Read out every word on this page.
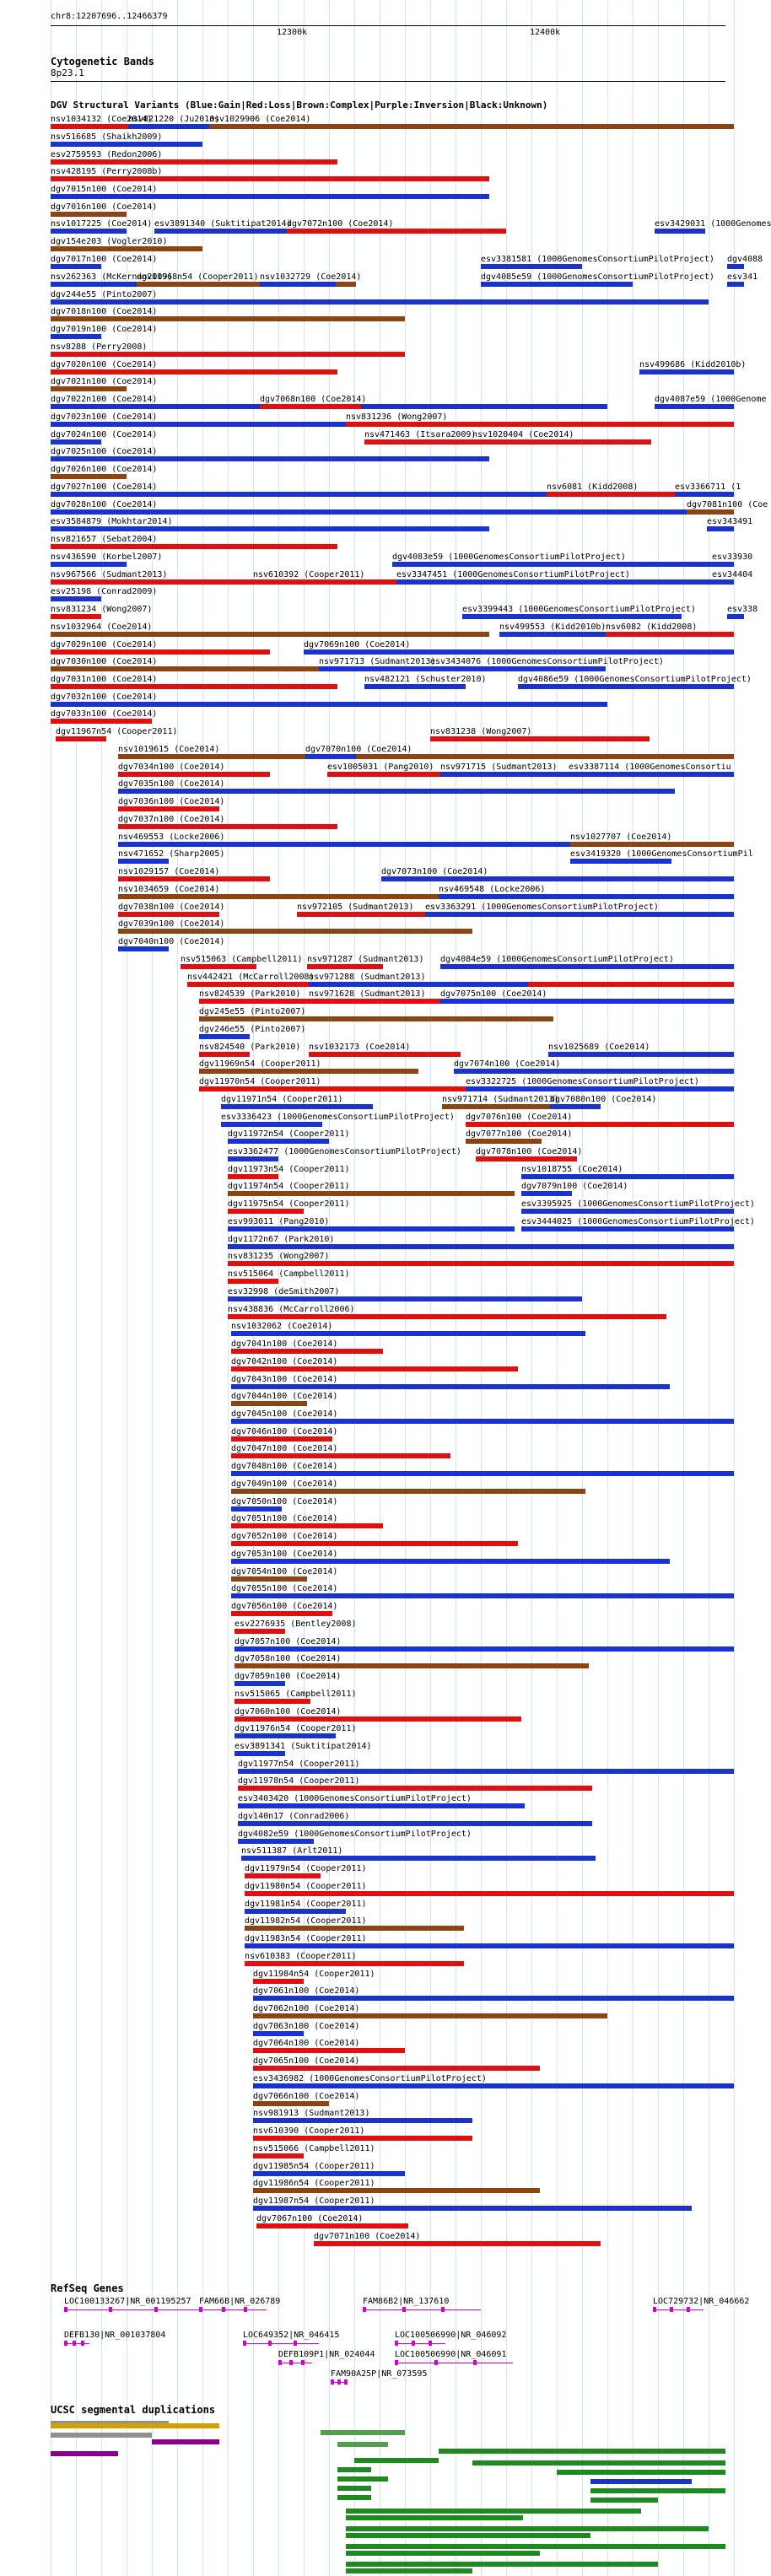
chr8:12207696..12466379
12300k	12400k
Cytogenetic Bands
8p23.1
DGV Structural Variants (Blue:Gain|Red:Loss|Brown:Complex|Purple:Inversion|Black:Unknown)
nsv1034132 (Coe2014)
nsv821220 (Ju2010)
nsv1029906 (Coe2014)
nsv516685 (Shaikh2009)
esv2759593 (Redon2006)
nsv428195 (Perry2008b)
dgv7015n100 (Coe2014)
dgv7016n100 (Coe2014)
nsv1017225 (Coe2014) esv3891340 (Suktitipat2014)
dgv7072n100 (Coe2014)	esv3429031 (1000Genomes
dgv154e203 (Vogler2010)
dgv7017n100 (Coe2014)	esv3381581 (1000GenomesConsortiumPilotProject) dgv4088
nsv262363 (McKernan2009)
dgv11968n54 (Cooper2011) nsv1032729 (Coe2014)	dgv4085e59 (1000GenomesConsortiumPilotProject) esv341
dgv244e55 (Pinto2007)
dgv7018n100 (Coe2014)
dgv7019n100 (Coe2014)
nsv8288 (Perry2008)
dgv7020n100 (Coe2014)	nsv499686 (Kidd2010b)
dgv7021n100 (Coe2014)
dgv7022n100 (Coe2014)	dgv7068n100 (Coe2014)	dgv4087e59 (1000Genome
dgv7023n100 (Coe2014)	nsv831236 (Wong2007)
dgv7024n100 (Coe2014)	nsv471463 (Itsara2009)
nsv1020404 (Coe2014)
dgv7025n100 (Coe2014)
dgv7026n100 (Coe2014)
dgv7027n100 (Coe2014)	nsv6081 (Kidd2008)	esv3366711 (1
dgv7028n100 (Coe2014)	dgv7081n100 (Coe
esv3584879 (Mokhtar2014)	esv343491
nsv821657 (Sebat2004)
nsv436590 (Korbel2007)	dgv4083e59 (1000GenomesConsortiumPilotProject)	esv33930
nsv967566 (Sudmant2013)	nsv610392 (Cooper2011)	esv3347451 (1000GenomesConsortiumPilotProject)	esv34404
esv25198 (Conrad2009)
nsv831234 (Wong2007)	esv3399443 (1000GenomesConsortiumPilotProject)	esv338
nsv1032964 (Coe2014)	nsv499553 (Kidd2010b) nsv6082 (Kidd2008)
dgv7029n100 (Coe2014)	dgv7069n100 (Coe2014)
dgv7030n100 (Coe2014)	nsv971713 (Sudmant2013)
esv3434076 (1000GenomesConsortiumPilotProject)
dgv7031n100 (Coe2014)	nsv482121 (Schuster2010)	dgv4086e59 (1000GenomesConsortiumPilotProject)
dgv7032n100 (Coe2014)
dgv7033n100 (Coe2014)
dgv11967n54 (Cooper2011)	nsv831238 (Wong2007)
nsv1019615 (Coe2014)	dgv7070n100 (Coe2014)
dgv7034n100 (Coe2014)	esv1005031 (Pang2010) nsv971715 (Sudmant2013) esv3387114 (1000GenomesConsortiu
dgv7035n100 (Coe2014)
dgv7036n100 (Coe2014)
dgv7037n100 (Coe2014)
nsv469553 (Locke2006)	nsv1027707 (Coe2014)
nsv471652 (Sharp2005)	esv3419320 (1000GenomesConsortiumPil
nsv1029157 (Coe2014)	dgv7073n100 (Coe2014)
nsv1034659 (Coe2014)	nsv469548 (Locke2006)
dgv7038n100 (Coe2014)	nsv972105 (Sudmant2013) esv3363291 (1000GenomesConsortiumPilotProject)
dgv7039n100 (Coe2014)
dgv7040n100 (Coe2014)
nsv515063 (Campbell2011) nsv971287 (Sudmant2013) dgv4084e59 (1000GenomesConsortiumPilotProject)
nsv442421 (McCarroll2008)
nsv971288 (Sudmant2013)
nsv824539 (Park2010) nsv971628 (Sudmant2013) dgv7075n100 (Coe2014)
dgv245e55 (Pinto2007)
dgv246e55 (Pinto2007)
nsv824540 (Park2010) nsv1032173 (Coe2014)	nsv1025689 (Coe2014)
dgv11969n54 (Cooper2011)	dgv7074n100 (Coe2014)
dgv11970n54 (Cooper2011)	esv3322725 (1000GenomesConsortiumPilotProject)
dgv11971n54 (Cooper2011)	nsv971714 (Sudmant2013)
dgv7080n100 (Coe2014)
esv3336423 (1000GenomesConsortiumPilotProject) dgv7076n100 (Coe2014)
dgv11972n54 (Cooper2011)	dgv7077n100 (Coe2014)
esv3362477 (1000GenomesConsortiumPilotProject) dgv7078n100 (Coe2014)
dgv11973n54 (Cooper2011)	nsv1018755 (Coe2014)
dgv11974n54 (Cooper2011)	dgv7079n100 (Coe2014)
dgv11975n54 (Cooper2011)	esv3395925 (1000GenomesConsortiumPilotProject)
esv993011 (Pang2010)	esv3444025 (1000GenomesConsortiumPilotProject)
dgv1172n67 (Park2010)
nsv831235 (Wong2007)
nsv515064 (Campbell2011)
esv32998 (deSmith2007)
nsv438836 (McCarroll2006)
nsv1032062 (Coe2014)
dgv7041n100 (Coe2014)
dgv7042n100 (Coe2014)
dgv7043n100 (Coe2014)
dgv7044n100 (Coe2014)
dgv7045n100 (Coe2014)
dgv7046n100 (Coe2014)
dgv7047n100 (Coe2014)
dgv7048n100 (Coe2014)
dgv7049n100 (Coe2014)
dgv7050n100 (Coe2014)
dgv7051n100 (Coe2014)
dgv7052n100 (Coe2014)
dgv7053n100 (Coe2014)
dgv7054n100 (Coe2014)
dgv7055n100 (Coe2014)
dgv7056n100 (Coe2014)
esv2276935 (Bentley2008)
dgv7057n100 (Coe2014)
dgv7058n100 (Coe2014)
dgv7059n100 (Coe2014)
nsv515065 (Campbell2011)
dgv7060n100 (Coe2014)
dgv11976n54 (Cooper2011)
esv3891341 (Suktitipat2014)
dgv11977n54 (Cooper2011)
dgv11978n54 (Cooper2011)
esv3403420 (1000GenomesConsortiumPilotProject)
dgv140n17 (Conrad2006)
dgv4082e59 (1000GenomesConsortiumPilotProject)
nsv511387 (Arlt2011)
dgv11979n54 (Cooper2011)
dgv11980n54 (Cooper2011)
dgv11981n54 (Cooper2011)
dgv11982n54 (Cooper2011)
dgv11983n54 (Cooper2011)
nsv610383 (Cooper2011)
dgv11984n54 (Cooper2011)
dgv7061n100 (Coe2014)
dgv7062n100 (Coe2014)
dgv7063n100 (Coe2014)
dgv7064n100 (Coe2014)
dgv7065n100 (Coe2014)
esv3436982 (1000GenomesConsortiumPilotProject)
dgv7066n100 (Coe2014)
nsv981913 (Sudmant2013)
nsv610390 (Cooper2011)
nsv515066 (Campbell2011)
dgv11985n54 (Cooper2011)
dgv11986n54 (Cooper2011)
dgv11987n54 (Cooper2011)
dgv7067n100 (Coe2014)
dgv7071n100 (Coe2014)
RefSeq Genes
LOC100133267|NR_001195257 FAM66B|NR_026789	FAM86B2|NR_137610	LOC729732|NR_046662
DEFB130|NR_001037804	LOC649352|NR_046415	LOC100506990|NR_046092
DEFB109P1|NR_024044 LOC100506990|NR_046091
FAM90A25P|NR_073595
UCSC segmental duplications
